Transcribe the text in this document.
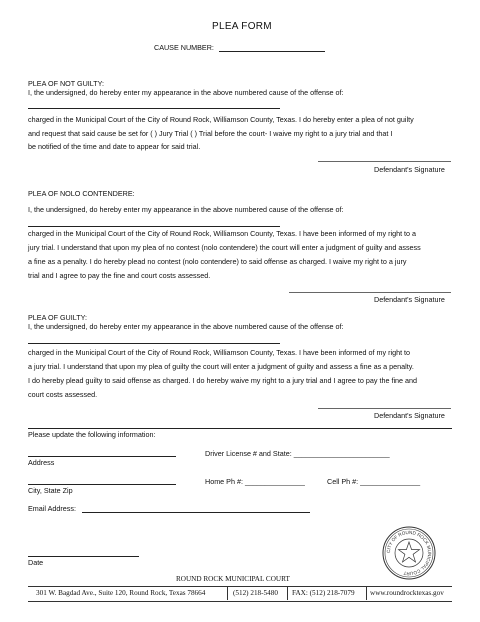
PLEA FORM
CAUSE NUMBER:
PLEA OF NOT GUILTY:
I, the undersigned, do hereby enter my appearance in the above numbered cause of the offense of:
charged in the Municipal Court of the City of Round Rock, Williamson County, Texas. I do hereby enter a plea of not guilty
and request that said cause be set for ( ) Jury Trial ( ) Trial before the court- I waive my right to a jury trial and that I
be notified of the time and date to appear for said trial.
Defendant's Signature
PLEA OF NOLO CONTENDERE:
I, the undersigned, do hereby enter my appearance in the above numbered cause of the offense of:
charged in the Municipal Court of the City of Round Rock, Williamson County, Texas. I have been informed of my right to a
jury trial. I understand that upon my plea of no contest (nolo contendere) the court will enter a judgment of guilty and assess
a fine as a penalty. I do hereby plead no contest (nolo contendere) to said offense as charged. I waive my right to a jury
trial and I agree to pay the fine and court costs assessed.
Defendant's Signature
PLEA OF GUILTY:
I, the undersigned, do hereby enter my appearance in the above numbered cause of the offense of:
charged in the Municipal Court of the City of Round Rock, Williamson County, Texas. I have been informed of my right to
a jury trial. I understand that upon my plea of guilty the court will enter a judgment of guilty and assess a fine as a penalty.
I do hereby plead guilty to said offense as charged. I do hereby waive my right to a jury trial and I agree to pay the fine and
court costs assessed.
Defendant's Signature
Please update the following information:
Address
Driver License # and State: ________________________
City, State Zip
Home Ph #: _______________	Cell Ph #: _______________
Email Address:
Date
CITY OF ROUND ROCK MUNICIPAL COURT
ROUND ROCK MUNICIPAL COURT
301 W. Bagdad Ave., Suite 120, Round Rock, Texas 78664	(512) 218-5480 FAX: (512) 218-7079 www.roundrocktexas.gov
